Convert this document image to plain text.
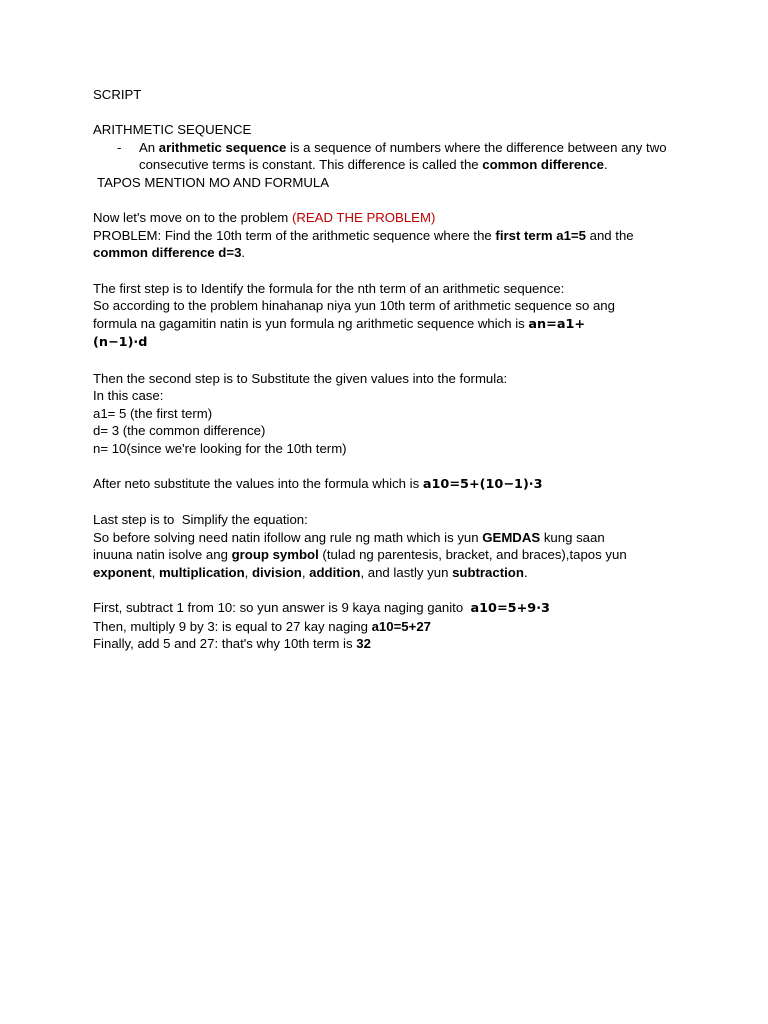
SCRIPT
ARITHMETIC SEQUENCE
- An arithmetic sequence is a sequence of numbers where the difference between any two consecutive terms is constant. This difference is called the common difference.
TAPOS MENTION MO AND FORMULA
Now let's move on to the problem (READ THE PROBLEM)
PROBLEM: Find the 10th term of the arithmetic sequence where the first term a1=5 and the
common difference d=3.
The first step is to Identify the formula for the nth term of an arithmetic sequence:
So according to the problem hinahanap niya yun 10th term of arithmetic sequence so ang
formula na gagamitin natin is yun formula ng arithmetic sequence which is an=a1+
(n−1)⋅d
Then the second step is to Substitute the given values into the formula:
In this case:
a1= 5 (the first term)
d= 3 (the common difference)
n= 10(since we're looking for the 10th term)
After neto substitute the values into the formula which is a10=5+(10−1)⋅3
Last step is to  Simplify the equation:
So before solving need natin ifollow ang rule ng math which is yun GEMDAS kung saan
inuuna natin isolve ang group symbol (tulad ng parentesis, bracket, and braces),tapos yun
exponent, multiplication, division, addition, and lastly yun subtraction.
First, subtract 1 from 10: so yun answer is 9 kaya naging ganito  a10=5+9⋅3
Then, multiply 9 by 3: is equal to 27 kay naging a10=5+27
Finally, add 5 and 27: that's why 10th term is 32
